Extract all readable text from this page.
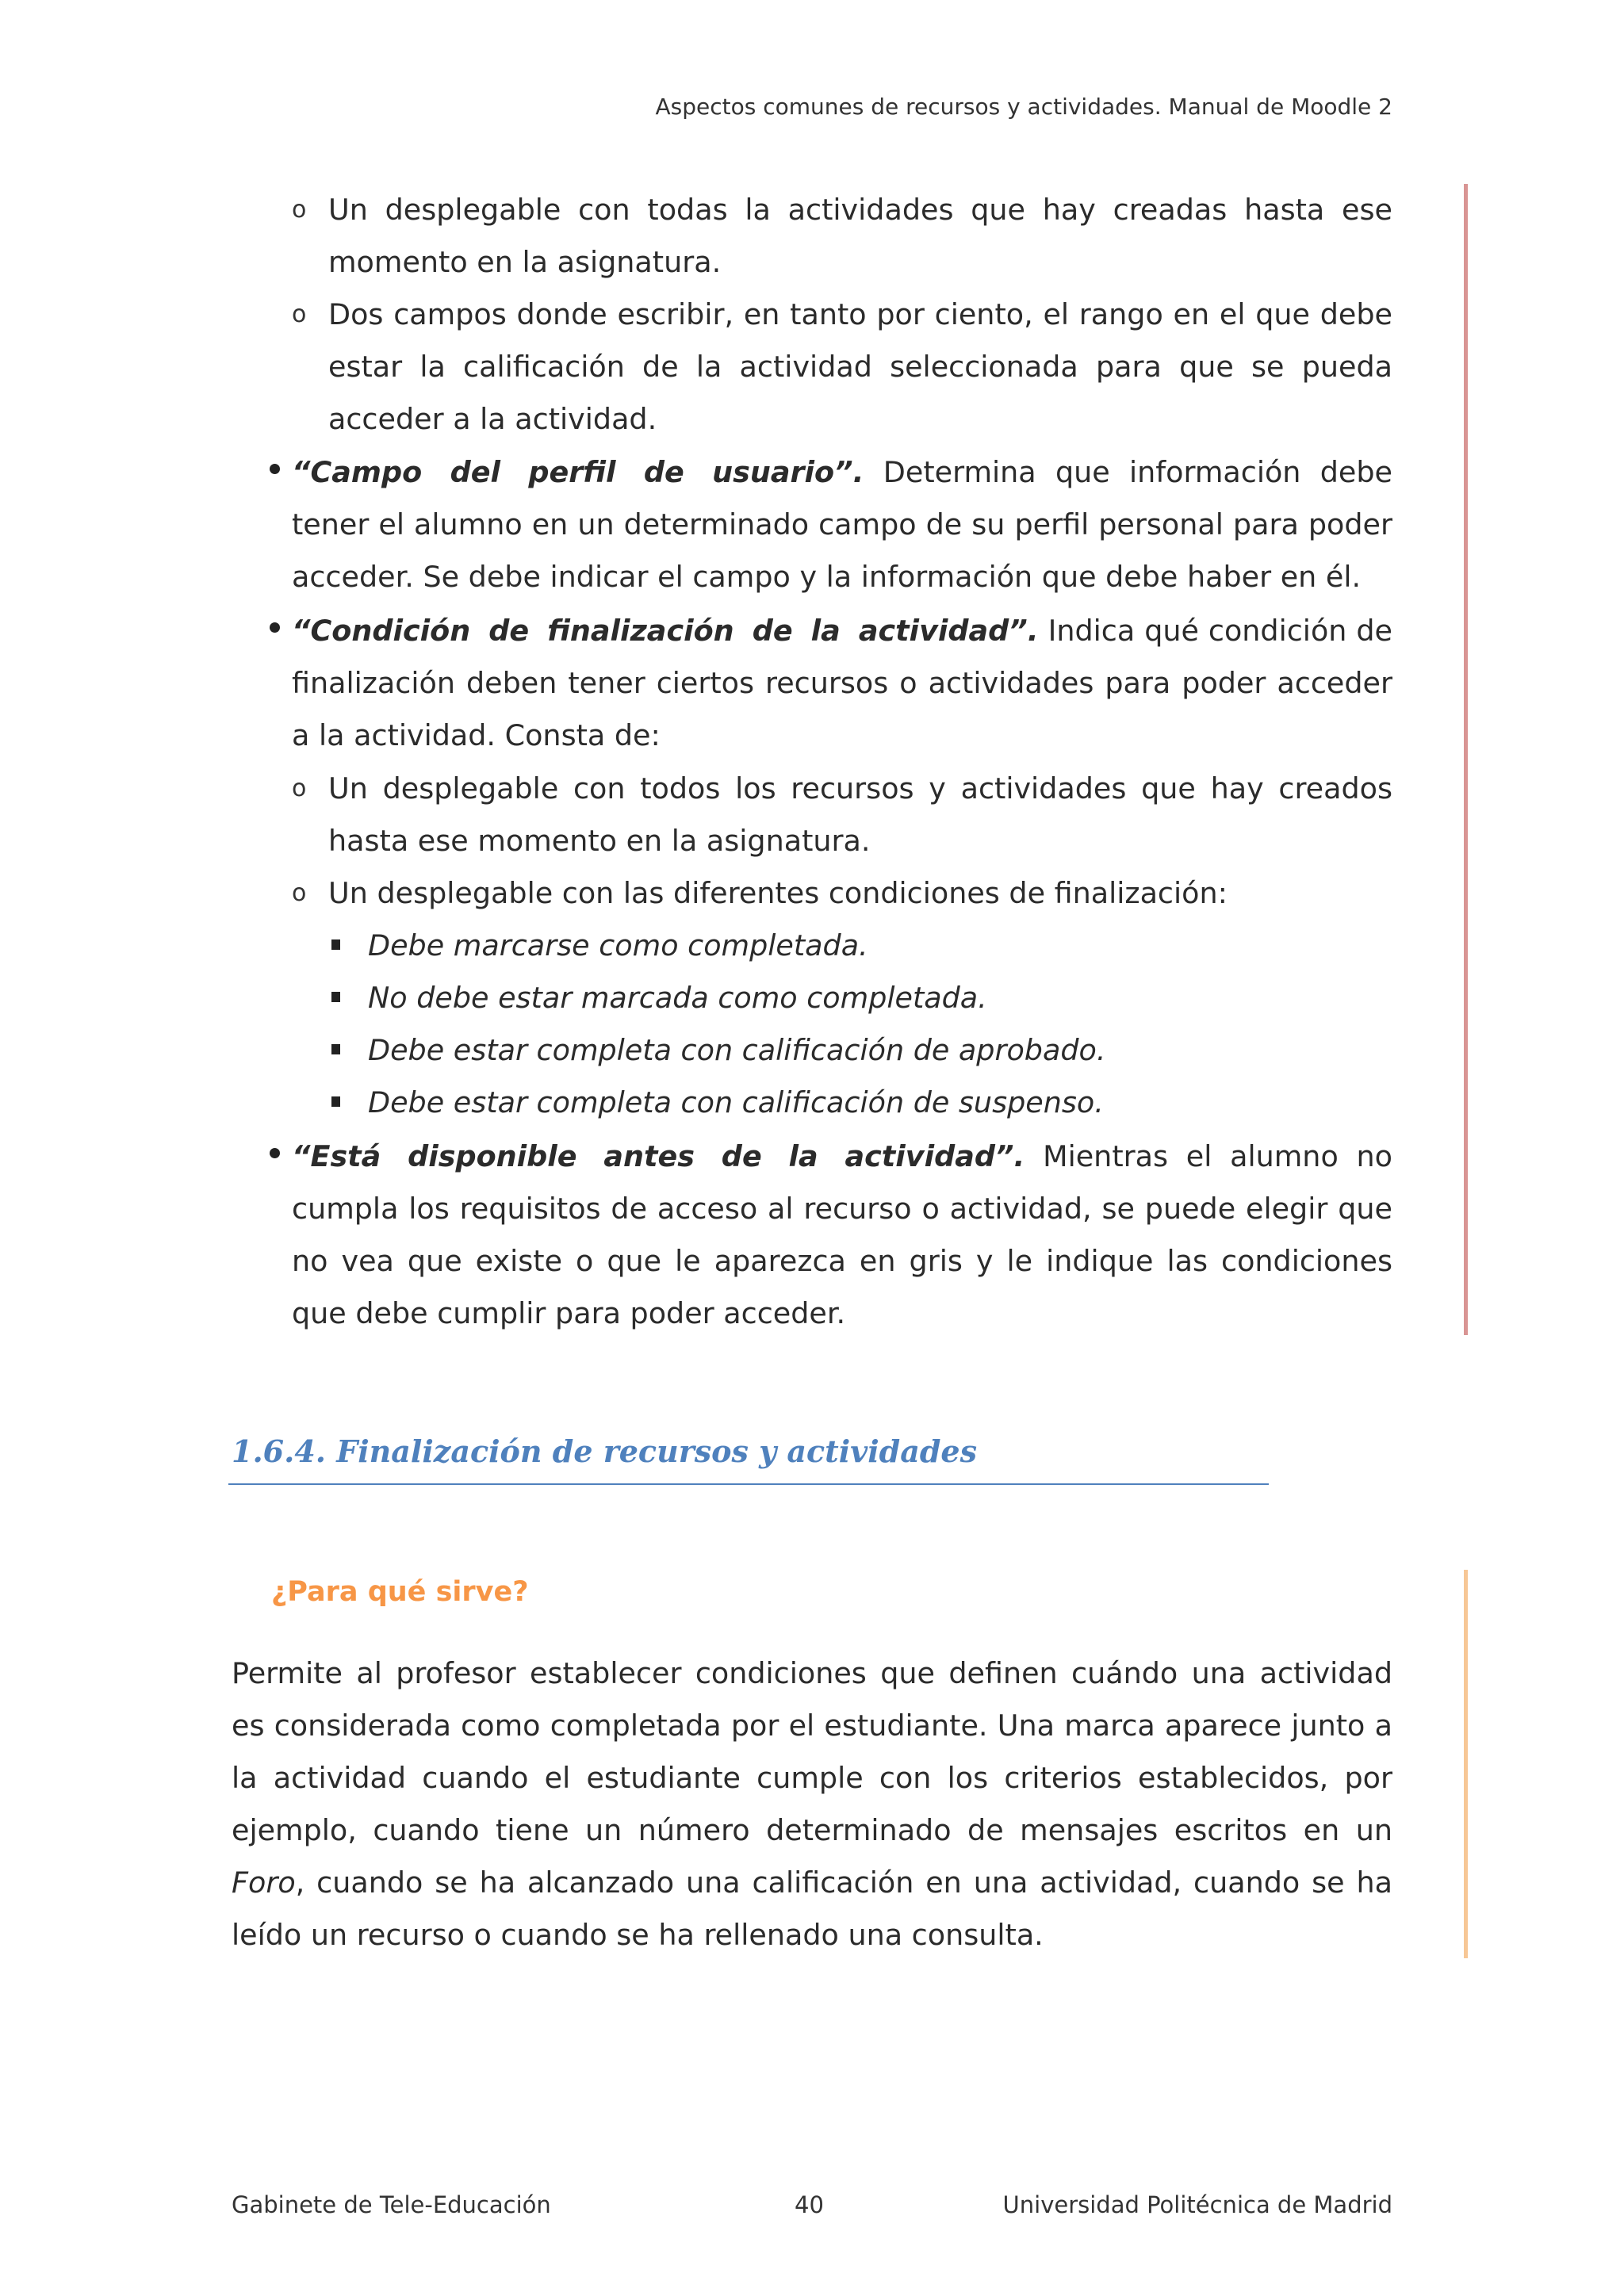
Aspectos comunes de recursos y actividades. Manual de Moodle 2
o Un desplegable con todas la actividades que hay creadas hasta ese momento en la asignatura.
o Dos campos donde escribir, en tanto por ciento, el rango en el que debe estar la calificación de la actividad seleccionada para que se pueda acceder a la actividad.
“Campo del perfil de usuario”. Determina que información debe tener el alumno en un determinado campo de su perfil personal para poder acceder. Se debe indicar el campo y la información que debe haber en él.
“Condición de finalización de la actividad”. Indica qué condición de finalización deben tener ciertos recursos o actividades para poder acceder a la actividad. Consta de:
o Un desplegable con todos los recursos y actividades que hay creados hasta ese momento en la asignatura.
o Un desplegable con las diferentes condiciones de finalización:
Debe marcarse como completada.
No debe estar marcada como completada.
Debe estar completa con calificación de aprobado.
Debe estar completa con calificación de suspenso.
“Está disponible antes de la actividad”. Mientras el alumno no cumpla los requisitos de acceso al recurso o actividad, se puede elegir que no vea que existe o que le aparezca en gris y le indique las condiciones que debe cumplir para poder acceder.
1.6.4. Finalización de recursos y actividades
¿Para qué sirve?
Permite al profesor establecer condiciones que definen cuándo una actividad es considerada como completada por el estudiante. Una marca aparece junto a la actividad cuando el estudiante cumple con los criterios establecidos, por ejemplo, cuando tiene un número determinado de mensajes escritos en un Foro, cuando se ha alcanzado una calificación en una actividad, cuando se ha leído un recurso o cuando se ha rellenado una consulta.
Gabinete de Tele-Educación	40	Universidad Politécnica de Madrid
